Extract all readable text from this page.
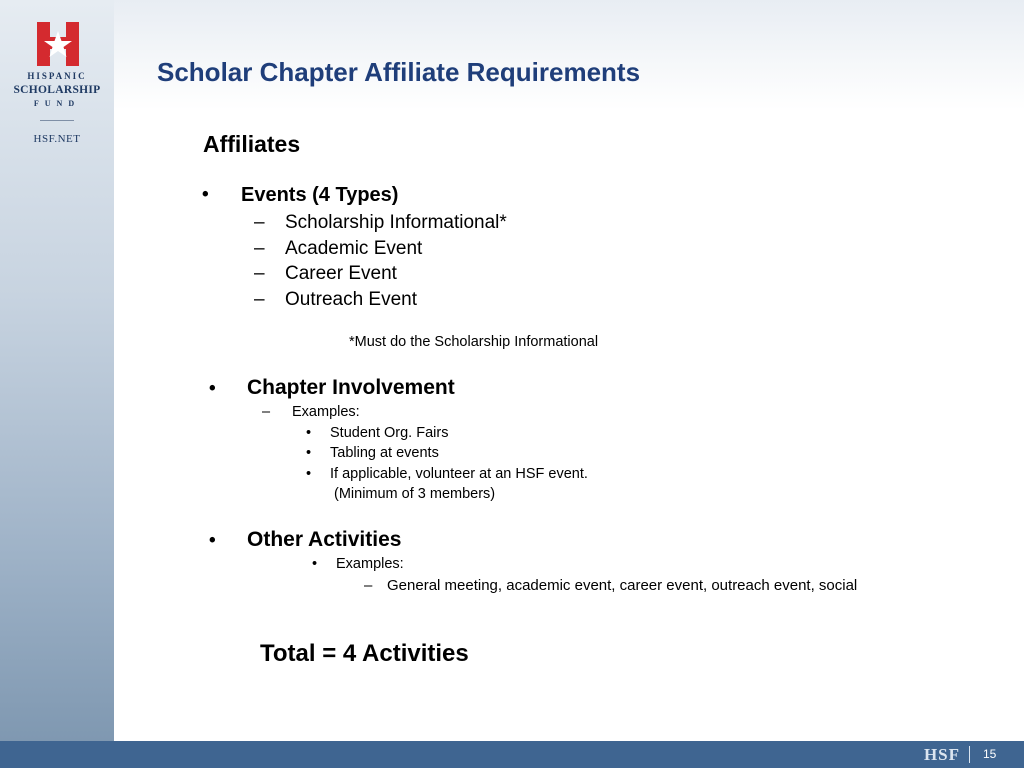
HISPANIC
SCHOLARSHIP
FUND
HSF.NET
Scholar Chapter Affiliate Requirements
Affiliates
• Events (4 Types)
– Scholarship Informational*
– Academic Event
– Career Event
– Outreach Event
*Must do the Scholarship Informational
• Chapter Involvement
– Examples:
• Student Org. Fairs
• Tabling at events
• If applicable, volunteer at an HSF event.
(Minimum of 3 members)
• Other Activities
• Examples:
– General meeting, academic event, career event, outreach event, social
Total = 4 Activities
HSF 15
